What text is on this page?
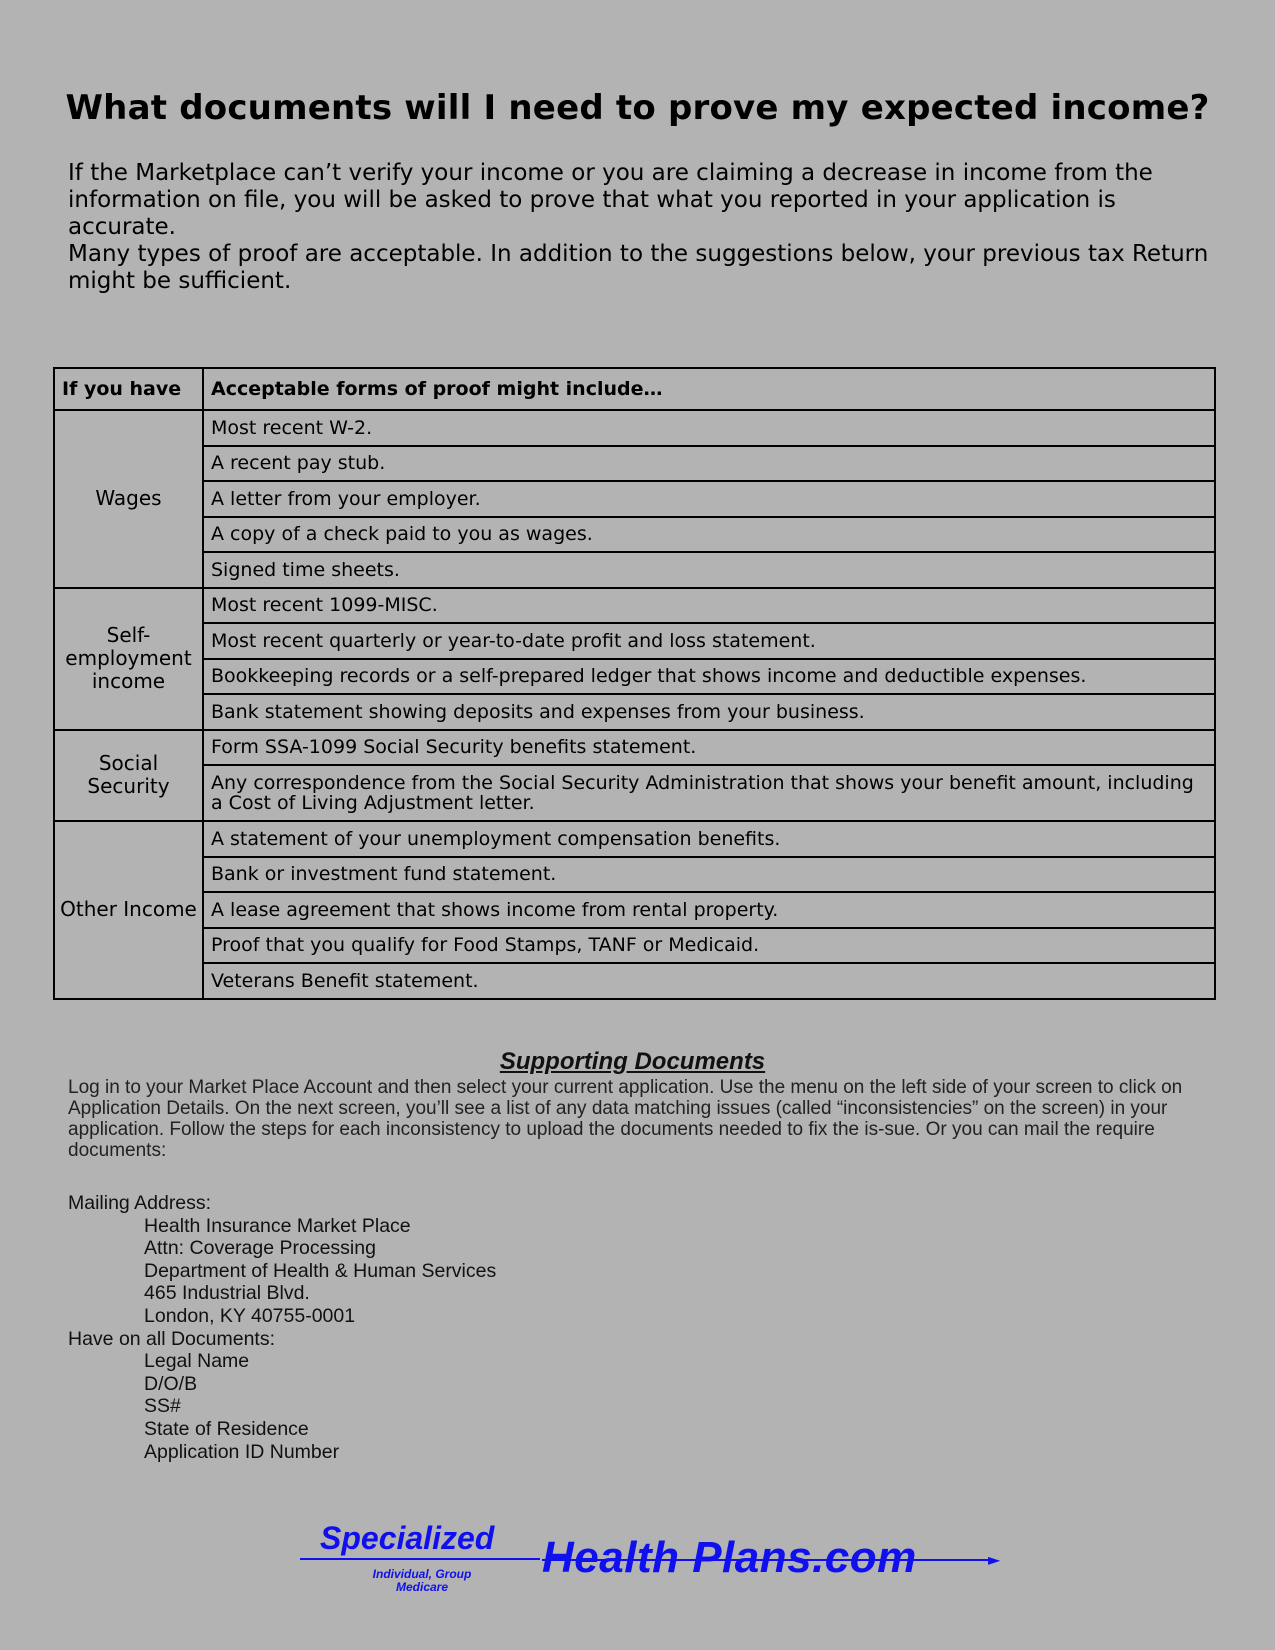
What documents will I need to prove my expected income?

If the Marketplace can’t verify your income or you are claiming a decrease in income from the information on file, you will be asked to prove that what you reported in your application is accurate.

Many types of proof are acceptable. In addition to the suggestions below, your previous tax Return might be sufficient.

If you have	Acceptable forms of proof might include…
Wages	Most recent W-2.
	A recent pay stub.
	A letter from your employer.
	A copy of a check paid to you as wages.
	Signed time sheets.
Self-employment income	Most recent 1099-MISC.
	Most recent quarterly or year-to-date profit and loss statement.
	Bookkeeping records or a self-prepared ledger that shows income and deductible expenses.
	Bank statement showing deposits and expenses from your business.
Social Security	Form SSA-1099 Social Security benefits statement.
	Any correspondence from the Social Security Administration that shows your benefit amount, including a Cost of Living Adjustment letter.
Other Income	A statement of your unemployment compensation benefits.
	Bank or investment fund statement.
	A lease agreement that shows income from rental property.
	Proof that you qualify for Food Stamps, TANF or Medicaid.
	Veterans Benefit statement.
Supporting Documents
Log in to your Market Place Account and then select your current application. Use the menu on the left side of your screen to click on Application Details. On the next screen, you’ll see a list of any data matching issues (called “inconsistencies” on the screen) in your application. Follow the steps for each inconsistency to upload the documents needed to fix the is-sue. Or you can mail the require documents:
Mailing Address:
Health Insurance Market Place
Attn: Coverage Processing
Department of Health & Human Services
465 Industrial Blvd.
London, KY 40755-0001
Have on all Documents:
Legal Name
D/O/B
SS#
State of Residence
Application ID Number
Specialized
Individual, Group Medicare
Health Plans.com	►
